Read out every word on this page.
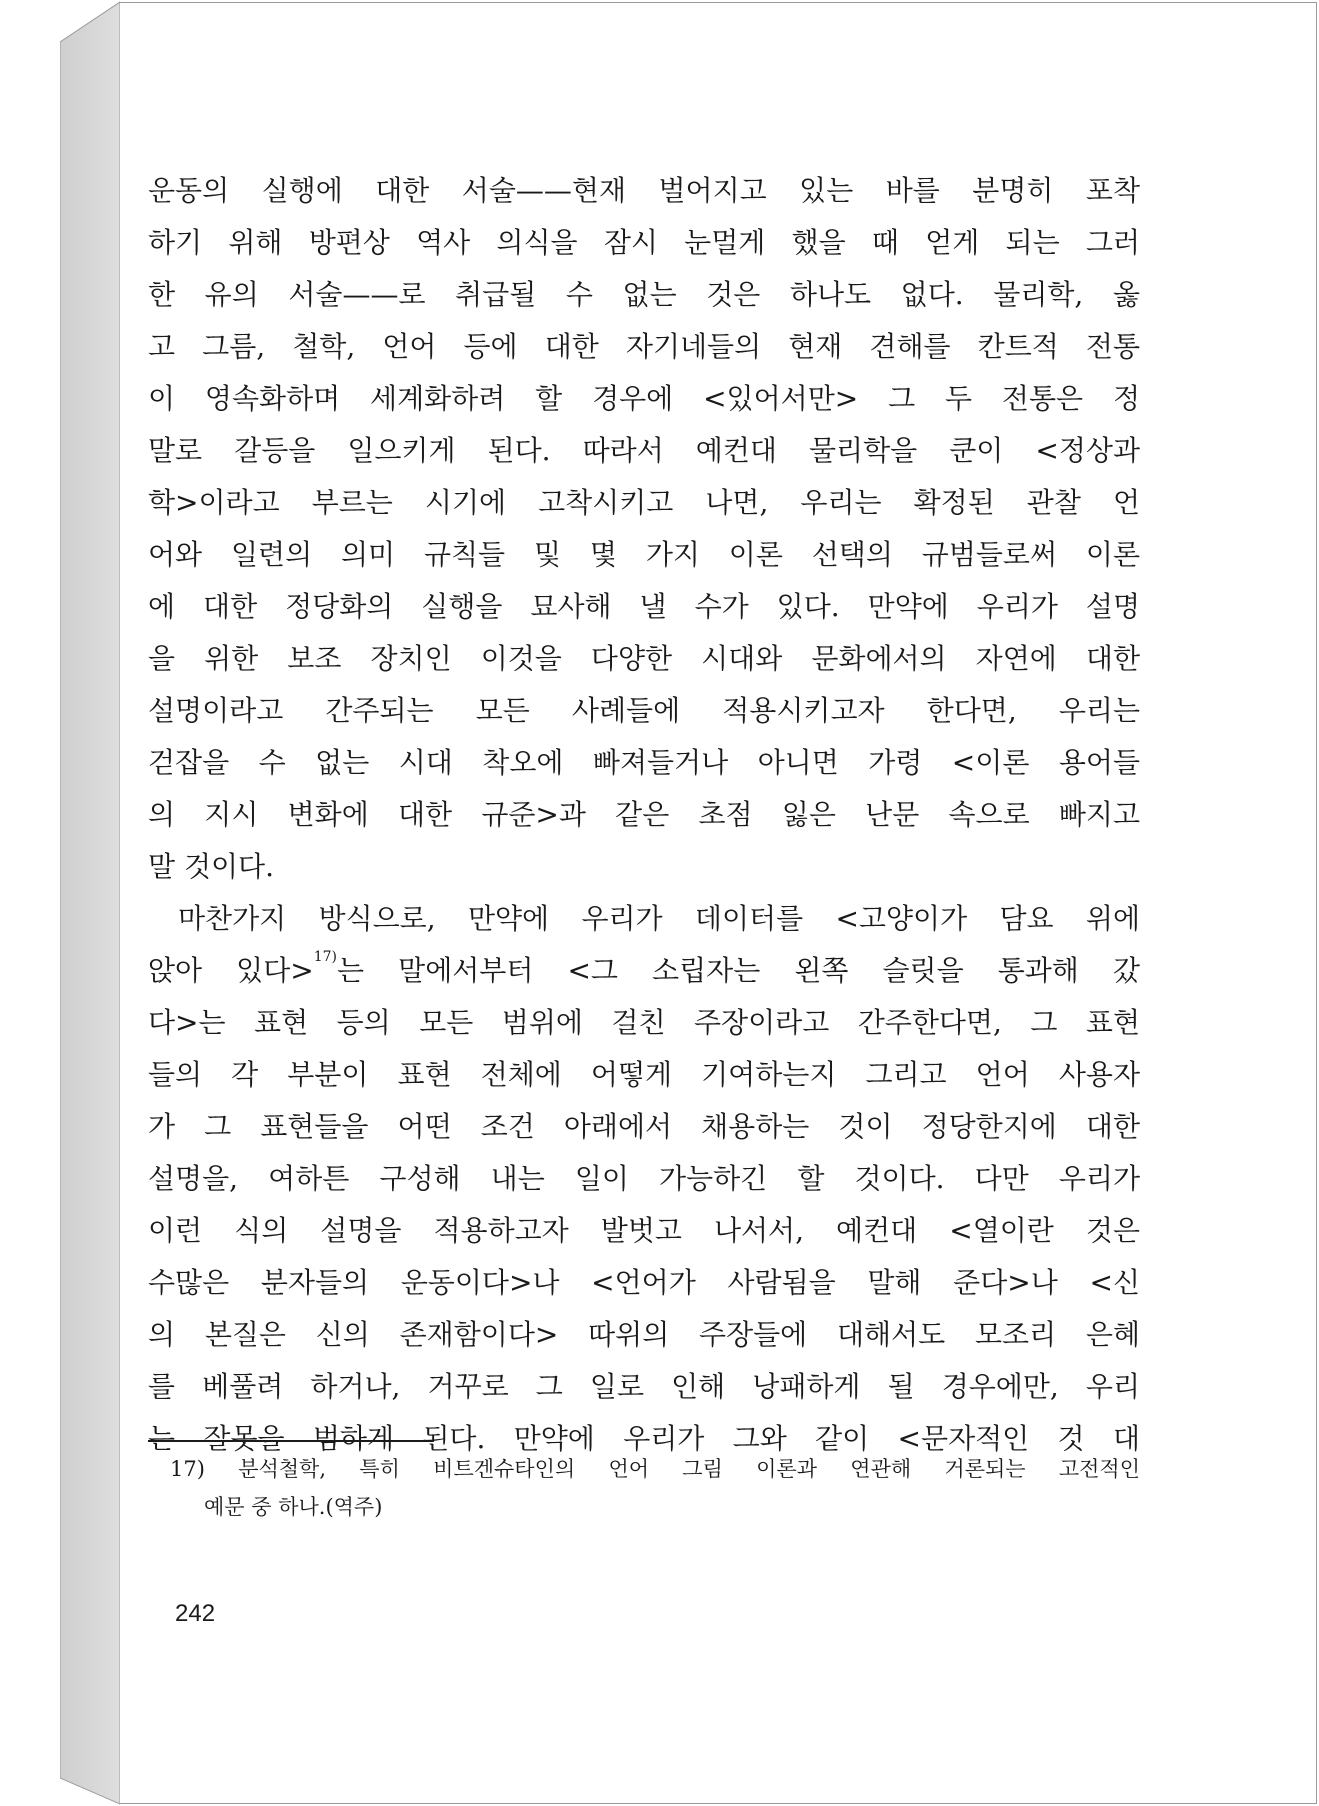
운동의 실행에 대한 서술——현재 벌어지고 있는 바를 분명히 포착
하기 위해 방편상 역사 의식을 잠시 눈멀게 했을 때 얻게 되는 그러
한 유의 서술——로 취급될 수 없는 것은 하나도 없다. 물리학, 옳
고 그름, 철학, 언어 등에 대한 자기네들의 현재 견해를 칸트적 전통
이 영속화하며 세계화하려 할 경우에 <있어서만> 그 두 전통은 정
말로 갈등을 일으키게 된다. 따라서 예컨대 물리학을 쿤이 <정상과
학>이라고 부르는 시기에 고착시키고 나면, 우리는 확정된 관찰 언
어와 일련의 의미 규칙들 및 몇 가지 이론 선택의 규범들로써 이론
에 대한 정당화의 실행을 묘사해 낼 수가 있다. 만약에 우리가 설명
을 위한 보조 장치인 이것을 다양한 시대와 문화에서의 자연에 대한
설명이라고 간주되는 모든 사례들에 적용시키고자 한다면, 우리는
걷잡을 수 없는 시대 착오에 빠져들거나 아니면 가령 <이론 용어들
의 지시 변화에 대한 규준>과 같은 초점 잃은 난문 속으로 빠지고
말 것이다.
마찬가지 방식으로, 만약에 우리가 데이터를 <고양이가 담요 위에
앉아 있다>$^{17)}$는 말에서부터 <그 소립자는 왼쪽 슬릿을 통과해 갔
다>는 표현 등의 모든 범위에 걸친 주장이라고 간주한다면, 그 표현
들의 각 부분이 표현 전체에 어떻게 기여하는지 그리고 언어 사용자
가 그 표현들을 어떤 조건 아래에서 채용하는 것이 정당한지에 대한
설명을, 여하튼 구성해 내는 일이 가능하긴 할 것이다. 다만 우리가
이런 식의 설명을 적용하고자 발벗고 나서서, 예컨대 <열이란 것은
수많은 분자들의 운동이다>나 <언어가 사람됨을 말해 준다>나 <신
의 본질은 신의 존재함이다> 따위의 주장들에 대해서도 모조리 은혜
를 베풀려 하거나, 거꾸로 그 일로 인해 낭패하게 될 경우에만, 우리
는 잘못을 범하게 된다. 만약에 우리가 그와 같이 <문자적인 것 대
17) 분석철학, 특히 비트겐슈타인의 언어 그림 이론과 연관해 거론되는 고전적인
예문 중 하나.(역주)
242
